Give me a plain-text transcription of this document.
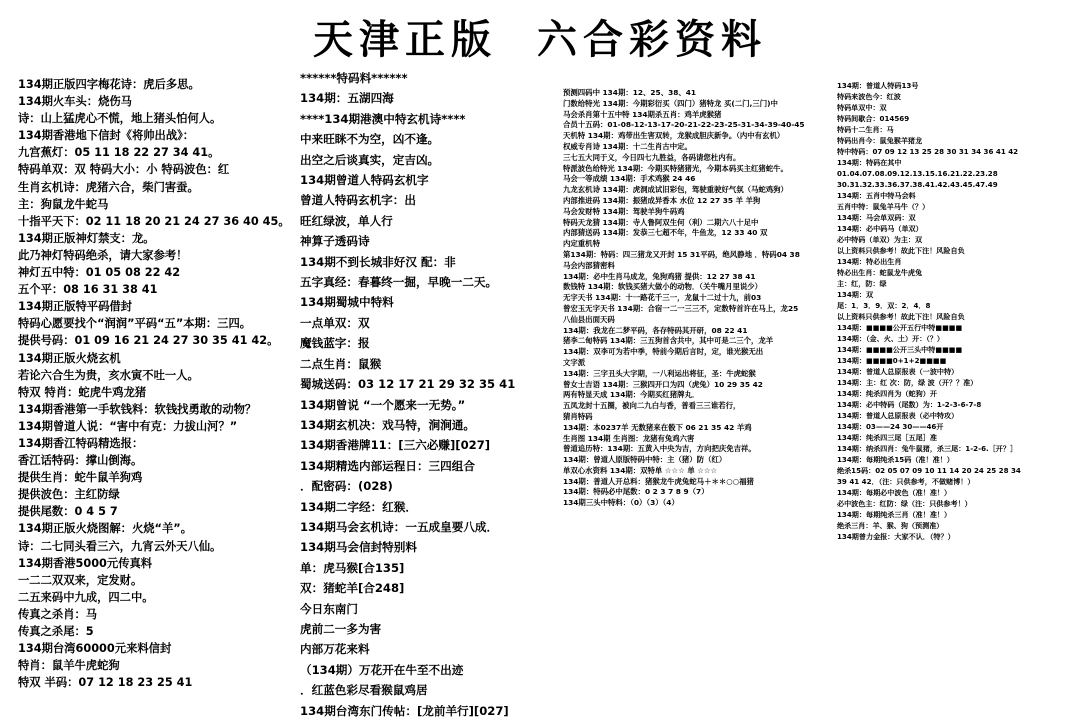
天津正版 六合彩资料
134期正版四字梅花诗：虎后多思。
134期火车头：烧伤马
诗：山上猛虎心不慌，地上猪头怕何人。
134期香港地下信封《将帅出战》：
九宫蕉灯：05 11 18 22 27 34 41。
特码单双：双 特码大小：小 特码波色：红
生肖玄机诗：虎猪六合，柴门害蚕。
主：狗鼠龙牛蛇马
十指平天下：02 11 18 20 21 24 27 36 40 45。
134期正版神灯禁支：龙。
此乃神灯特码绝杀，请大家参考！
神灯五中特：01 05 08 22 42
五个平：08 16 31 38 41
134期正版特平码借封
特码心愿要找个“润润”平码“五”本期：三四。
提供号码：01 09 16 21 24 27 30 35 41 42。
134期正版火烧玄机
若论六合生为贵，亥水寅不吐一人。
特双 特肖：蛇虎牛鸡龙猪
134期香港第一手软钱料：软钱找勇敢的动物？
134期曾道人说：“害中有克：力拔山河？”
134期香江特码精选报：
香江话特码：撑山倒海。
提供生肖：蛇牛鼠羊狗鸡
提供波色：主红防绿
提供尾数：0 4 5 7
134期正版火烧图解：火烧“羊”。
诗：二七同头看三六，九宵云外天八仙。
134期香港5000元传真料
一二二双双来，定发财。
二五来码中九成，四二中。
传真之杀肖：马
传真之杀尾：5
134期台湾60000元来料信封
特肖：鼠羊牛虎蛇狗
特双 半码：07 12 18 23 25 41
******特码料******
134期：五湖四海
****134期港澳中特玄机诗****
中来旺眯不为空，凶不逢。
出空之后谈真实，定吉凶。
134期曾道人特码玄机字
曾道人特码玄机字：出
旺红绿波，单人行
神算子透码诗
134期不到长城非好汉 配：非
五字真经：春暮终一掘，早晚一二天。
134期蜀城中特料
一点单双：双
魔钱蓝字：报
二点生肖：鼠猴
蜀城送码：03 12 17 21 29 32 35 41
134期曾说 “一个愿来一无势。”
134期玄机决：戏马特，涧涧通。
134期香港牌11：[三六必赚][027]
134期精选内部运程日：三四组合
．配密码：(028)
134期二字经：红猴．
134期马会玄机诗：一五成皇要八成．
134期马会信封特别料
单：虎马猴[合135]
双：猪蛇羊[合248]
今日东南门
虎前二一多为害
内部万花来料
（134期）万花开在牛至不出迹
．红蓝色彩尽看猴鼠鸡居
134期台湾东门传帖：[龙前羊行][027]
预测四码中 134期：12、25、38、41
门数给特光 134期：今期彩衍买（四门）猪特龙 买(二门,三门)中
马会杀肖第十五中特 134期杀五肖：鸡羊虎猴猪
合员十五码：01-08-12-13-17-20-21-22-23-25-31-34-39-40-45
天机特 134期：鸡带出生害双转，龙猴成胆庆新争。（内中有玄机）
权威专肖诗 134期：十二生肖古中定。
三七五大同于义，今日四七九胜益，各码请您杜内有。
特派波色给特光 134期：今期买特猪猪光，今期本码买主红猪蛇牛。
马会一等成绩 134期：手术鸡猴 24 46
九龙玄机诗 134期：虎洞成试旧彩包，驾驶重驶好气氛（马蛇鸡狗）
内部推进码 134期：振猪成异香本 水位 12 27 35 羊 羊狗
马会发财特 134期：驾驶羊狗牛码鸡
特码天龙猜 134期：寺人鲁阿双生何（利）二期六八十足中
内部猜送码 134期：发恭三七超不年，牛鱼龙，12 33 40 双
内定重机特
第134期：特码：四三猪龙又开封 15 31平码，绝风静地 ．特码04 38
马会内部猜密料
134期：必中生肖马成龙，兔狗鸡猪 提供：12 27 38 41
数钱特 134期：软钱买猪大做小的动物．（关牛嘴月里说少）
无字天书 134期：十一路花千三一，龙鼠十二过十九，前03
曾宏玉无字天书 134期：合宿一二一三三不，定数特首许在马上，龙25
八仙县出面天码
134期：我龙在二梦平码，各存特码其开研，08 22 41
猪李二甸特码 134期：三五狗首含共中，其中可是二三个，龙羊
134期：双李可为若中季，特前今期后言时，定，谁光猴无出
文字派
134期：三字丑头大字期，一八利运出将征，圣：牛虎蛇猴
曾女士吉语 134期：三猴四开口为四（虎兔）10 29 35 42
两有特显天成 134期：今期买红猪牌丸．
五凤龙封十五圈，被向二九白与香，普看三三谁若行，
猜肖特码
134期：本0237羊 无数猪来在骰下 06 21 35 42 羊鸡
生肖图 134期 生肖图：龙猪有兔鸡六害
曾道追历特：134期：五黄入中央为吉，方向把庆免吉祥。
134期：曾道人原版特码中特：主（猪）防（红）
单双心水资料 134期：双特单 ☆☆☆ 单 ☆☆☆
134期：普道人开总料：猪猴龙牛虎兔蛇马＋＊＊○○福猪
134期：特码必中尾数：0 2 3 7 8 9（7）
134期三头中特料：（0）（3）（4）
134期：曾道人特码13号
特码来波色今：红波
特码单双中：双
特码间歇合：014569
特码十二生肖：马
特码出肖今：鼠兔猴羊猪龙
特中特码：07 09 12 13 25 28 30 31 34 36 41 42
134期：特码在其中
01.04.07.08.09.12.13.15.16.21.22.23.28
30.31.32.33.36.37.38.41.42.43.45.47.49
134期：五肖中特马会料
五肖中特：鼠兔羊马牛（？）
134期：马会单双码：双
134期：必中码马（单双）
必中特码（单双）为主：双
以上资料只供参考！故此下注！风险自负
134期：特必出生肖
特必出生肖：蛇鼠龙牛虎兔
主：红，防：绿
134期：双
尾：1．3．9．双：2．4．8
以上资料只供参考！故此下注！风险自负
134期：■■■■公开五行中特■■■■
134期：（金、火、土）开：（？）
134期：■■■■公开三头中特■■■■
134期：■■■■0+1+2■■■■
134期：曾道人总原报表（一波中特）
134期：主：红 次：防，绿 波（开？？准）
134期：纯杀四肖为（蛇狗）开
134期：必中特码（尾数）为：1-2-3-6-7-8
134期：曾道人总原报表（必中特攻）
134期：03——24 30——46开
134期：纯杀四三尾［五尾］准
134期：纳杀四肖：兔牛鼠猪，杀三尾：1-2-6.［开？］
134期：每期纯杀15码（准！准！）
绝杀15码：02 05 07 09 10 11 14 20 24 25 28 34
39 41 42．（注：只供参考，不做赌博！）
134期：每期必中波色（准！准！）
必中波色主：红防：绿（注：只供参考！）
134期：每期纯杀三肖（准！准！）
绝杀三肖：羊、猴、狗（预测准）
134期曾力金报：大家不认．（特？）
